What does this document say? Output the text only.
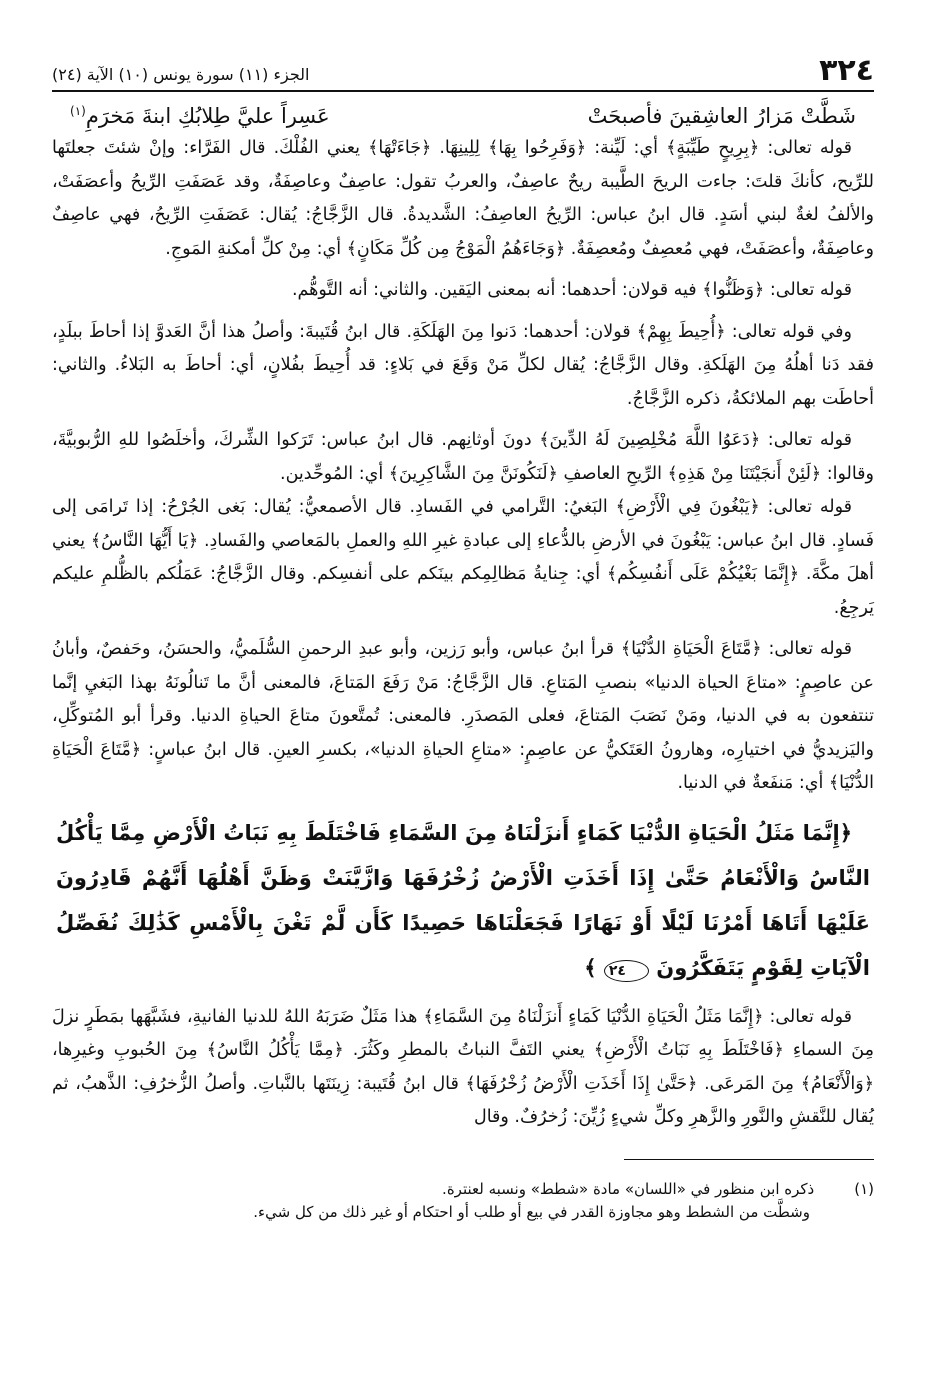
٣٢٤
الجزء (١١) سورة يونس (١٠) الآية (٢٤)
شَطَّتْ مَزارُ العاشِقينَ فأصبحَتْ
عَسِراً عليَّ طِلابُكِ ابنةَ مَخرَمِ$^{(١)}$

قوله تعالى: ﴿بِرِيحٍ طَيِّبَةٍ﴾ أي: لَيِّنة: ﴿وَفَرِحُوا بِهَا﴾ لِلِينِهَا. ﴿جَاءَتْهَا﴾ يعني الفُلْكَ. قال الفَرَّاء: وإنْ شئتَ جعلتَها للرِّيح، كأنكَ قلتَ: جاءت الريحَ الطَّيبة ريحٌ عاصِفٌ، والعربُ تقول: عاصِفٌ وعاصِفَةٌ، وقد عَصَفَتِ الرِّيحُ وأعصَفَتْ، والألفُ لغةٌ لبني أسَدٍ. قال ابنُ عباس: الرِّيحُ العاصِفُ: الشَّديدةُ. قال الزَّجَّاجُ: يُقال: عَصَفَتِ الرِّيحُ، فهي عاصِفٌ وعاصِفَةٌ، وأعصَفَتْ، فهي مُعصِفٌ ومُعصِفَةٌ. ﴿وَجَاءَهُمُ الْمَوْجُ مِن كُلِّ مَكَانٍ﴾ أي: مِنْ كلِّ أمكنةِ المَوجِ.

قوله تعالى: ﴿وَظَنُّوا﴾ فيه قولان: أحدهما: أنه بمعنى اليَقين. والثاني: أنه التَّوهُّم.

وفي قوله تعالى: ﴿أُحِيطَ بِهِمْ﴾ قولان: أحدهما: دَنوا مِنَ الهَلَكَةِ. قال ابنُ قُتَيبةَ: وأصلُ هذا أنَّ العَدوَّ إذا أحاطَ ببلَدٍ، فقد دَنا أهلُهُ مِنَ الهَلَكةِ. وقال الزَّجَّاجُ: يُقال لكلِّ مَنْ وَقَعَ في بَلاءٍ: قد أُحِيطَ بفُلانٍ، أي: أحاطَ به البَلاءُ. والثاني: أحاطَت بهم الملائكةُ، ذكره الزَّجَّاجُ.

قوله تعالى: ﴿دَعَوُا اللَّهَ مُخْلِصِينَ لَهُ الدِّينَ﴾ دونَ أوثانِهم. قال ابنُ عباس: تَرَكوا الشِّركَ، وأخلَصُوا للهِ الرُّبوبيَّةَ، وقالوا: ﴿لَئِنْ أَنجَيْتَنَا مِنْ هَذِهِ﴾ الرِّيحِ العاصفِ ﴿لَنَكُونَنَّ مِنَ الشَّاكِرِينَ﴾ أي: المُوحِّدين.

قوله تعالى: ﴿يَبْغُونَ فِي الْأَرْضِ﴾ البَغيُ: التَّرامي في الفَسادِ. قال الأصمعيُّ: يُقال: بَغى الجُرْحُ: إذا تَرامَى إلى فَسادٍ. قال ابنُ عباس: يَبْغُونَ في الأرضِ بالدُّعاءِ إلى عبادةِ غيرِ اللهِ والعملِ بالمَعاصي والفَسادِ. ﴿يَا أَيُّهَا النَّاسُ﴾ يعني أهلَ مكَّةَ. ﴿إِنَّمَا بَغْيُكُمْ عَلَى أَنفُسِكُم﴾ أي: جِنايةُ مَظالِمِكم بينَكم على أنفسِكم. وقال الزَّجَّاجُ: عَمَلُكم بالظُّلمِ عليكم يَرجِعُ.

قوله تعالى: ﴿مَّتَاعَ الْحَيَاةِ الدُّنْيَا﴾ قرأ ابنُ عباس، وأبو رَزين، وأبو عبدِ الرحمنِ السُّلَميُّ، والحسَنُ، وحَفصٌ، وأبانُ عن عاصِمٍ: «متاعَ الحياة الدنيا» بنصبِ المَتاعِ. قال الزَّجَّاجُ: مَنْ رَفَعَ المَتاعَ، فالمعنى أنَّ ما تَنالُونَهُ بهذا البَغيِ إنَّما تنتفعون به في الدنيا، ومَنْ نَصَبَ المَتاعَ، فعلى المَصدَرِ. فالمعنى: تُمتَّعونَ متاعَ الحياةِ الدنيا. وقرأ أبو المُتوكِّلِ، واليَزيديُّ في اختيارِه، وهارونُ العَتَكيُّ عن عاصِمٍ: «متاعِ الحياةِ الدنيا»، بكسرِ العينِ. قال ابنُ عباسٍ: ﴿مَّتَاعَ الْحَيَاةِ الدُّنْيَا﴾ أي: مَنفَعةٌ في الدنيا.

﴿إِنَّمَا مَثَلُ الْحَيَاةِ الدُّنْيَا كَمَاءٍ أَنزَلْنَاهُ مِنَ السَّمَاءِ فَاخْتَلَطَ بِهِ نَبَاتُ الْأَرْضِ مِمَّا يَأْكُلُ النَّاسُ وَالْأَنْعَامُ حَتَّىٰ إِذَا أَخَذَتِ الْأَرْضُ زُخْرُفَهَا وَازَّيَّنَتْ وَظَنَّ أَهْلُهَا أَنَّهُمْ قَادِرُونَ عَلَيْهَا أَتَاهَا أَمْرُنَا لَيْلًا أَوْ نَهَارًا فَجَعَلْنَاهَا حَصِيدًا كَأَن لَّمْ تَغْنَ بِالْأَمْسِ كَذَٰلِكَ نُفَصِّلُ الْآيَاتِ لِقَوْمٍ يَتَفَكَّرُونَ ٢٤ ﴾

قوله تعالى: ﴿إِنَّمَا مَثَلُ الْحَيَاةِ الدُّنْيَا كَمَاءٍ أَنزَلْنَاهُ مِنَ السَّمَاءِ﴾ هذا مَثَلٌ ضَرَبَهُ اللهُ للدنيا الفانيةِ، فشَبَّهَها بمَطَرٍ نزلَ مِنَ السماءِ ﴿فَاخْتَلَطَ بِهِ نَبَاتُ الْأَرْضِ﴾ يعني التَفَّ النباتُ بالمطرِ وكَثُرَ. ﴿مِمَّا يَأْكُلُ النَّاسُ﴾ مِنَ الحُبوبِ وغيرِها، ﴿وَالْأَنْعَامُ﴾ مِنَ المَرعَى. ﴿حَتَّىٰ إِذَا أَخَذَتِ الْأَرْضُ زُخْرُفَهَا﴾ قال ابنُ قُتَيبة: زِينَتَها بالنَّباتِ. وأصلُ الزُّخرُفِ: الذَّهبُ، ثم يُقال للنَّقشِ والنَّورِ والزَّهرِ وكلِّ شيءٍ زُيِّنَ: زُخرُفٌ. وقال

(١)
ذكره ابن منظور في «اللسان» مادة «شطط» ونسبه لعنترة.
وشطَّت من الشطط وهو مجاوزة القدر في بيع أو طلب أو احتكام أو غير ذلك من كل شيء.
